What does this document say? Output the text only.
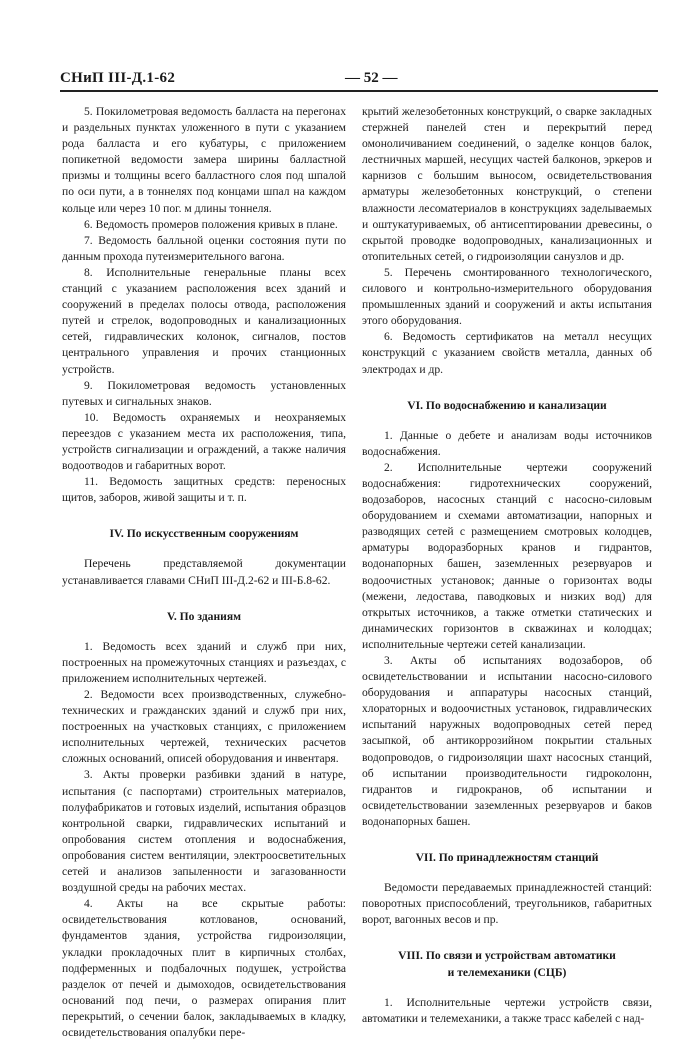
СНиП III-Д.1-62	— 52 —

5. Покилометровая ведомость балласта на перегонах и раздельных пунктах уложенного в пути с указанием рода балласта и его кубатуры, с приложением попикетной ведомости замера ширины балластной призмы и толщины всего балластного слоя под шпалой по оси пути, а в тоннелях под концами шпал на каждом кольце или через 10 пог. м длины тоннеля.

6. Ведомость промеров положения кривых в плане.

7. Ведомость балльной оценки состояния пути по данным прохода путеизмерительного вагона.

8. Исполнительные генеральные планы всех станций с указанием расположения всех зданий и сооружений в пределах полосы отвода, расположения путей и стрелок, водопроводных и канализационных сетей, гидравлических колонок, сигналов, постов центрального управления и прочих станционных устройств.

9. Покилометровая ведомость установленных путевых и сигнальных знаков.

10. Ведомость охраняемых и неохраняемых переездов с указанием места их расположения, типа, устройств сигнализации и ограждений, а также наличия водоотводов и габаритных ворот.

11. Ведомость защитных средств: переносных щитов, заборов, живой защиты и т. п.

IV. По искусственным сооружениям

Перечень представляемой документации устанавливается главами СНиП III-Д.2-62 и III-Б.8-62.

V. По зданиям

1. Ведомость всех зданий и служб при них, построенных на промежуточных станциях и разъездах, с приложением исполнительных чертежей.

2. Ведомости всех производственных, служебно-технических и гражданских зданий и служб при них, построенных на участковых станциях, с приложением исполнительных чертежей, технических расчетов сложных оснований, описей оборудования и инвентаря.

3. Акты проверки разбивки зданий в натуре, испытания (с паспортами) строительных материалов, полуфабрикатов и готовых изделий, испытания образцов контрольной сварки, гидравлических испытаний и опробования систем отопления и водоснабжения, опробования систем вентиляции, электроосветительных сетей и анализов запыленности и загазованности воздушной среды на рабочих местах.

4. Акты на все скрытые работы: освидетельствования котлованов, оснований, фундаментов здания, устройства гидроизоляции, укладки прокладочных плит в кирпичных столбах, подферменных и подбалочных подушек, устройства разделок от печей и дымоходов, освидетельствования оснований под печи, о размерах опирания плит перекрытий, о сечении балок, закладываемых в кладку, освидетельствования опалубки пере-

крытий железобетонных конструкций, о сварке закладных стержней панелей стен и перекрытий перед омоноличиванием соединений, о заделке концов балок, лестничных маршей, несущих частей балконов, эркеров и карнизов с большим выносом, освидетельствования арматуры железобетонных конструкций, о степени влажности лесоматериалов в конструкциях заделываемых и оштукатуриваемых, об антисептировании древесины, о скрытой проводке водопроводных, канализационных и отопительных сетей, о гидроизоляции санузлов и др.

5. Перечень смонтированного технологического, силового и контрольно-измерительного оборудования промышленных зданий и сооружений и акты испытания этого оборудования.

6. Ведомость сертификатов на металл несущих конструкций с указанием свойств металла, данных об электродах и др.

VI. По водоснабжению и канализации

1. Данные о дебете и анализам воды источников водоснабжения.

2. Исполнительные чертежи сооружений водоснабжения: гидротехнических сооружений, водозаборов, насосных станций с насосно-силовым оборудованием и схемами автоматизации, напорных и разводящих сетей с размещением смотровых колодцев, арматуры водоразборных кранов и гидрантов, водонапорных башен, заземленных резервуаров и водоочистных установок; данные о горизонтах воды (межени, ледостава, паводковых и низких вод) для открытых источников, а также отметки статических и динамических горизонтов в скважинах и колодцах; исполнительные чертежи сетей канализации.

3. Акты об испытаниях водозаборов, об освидетельствовании и испытании насосно-силового оборудования и аппаратуры насосных станций, хлораторных и водоочистных установок, гидравлических испытаний наружных водопроводных сетей перед засыпкой, об антикоррозийном покрытии стальных водопроводов, о гидроизоляции шахт насосных станций, об испытании производительности гидроколонн, гидрантов и гидрокранов, об испытании и освидетельствовании заземленных резервуаров и баков водонапорных башен.

VII. По принадлежностям станций

Ведомости передаваемых принадлежностей станций: поворотных приспособлений, треугольников, габаритных ворот, вагонных весов и пр.

VIII. По связи и устройствам автоматики
и телемеханики (СЦБ)

1. Исполнительные чертежи устройств связи, автоматики и телемеханики, а также трасс кабелей с над-
